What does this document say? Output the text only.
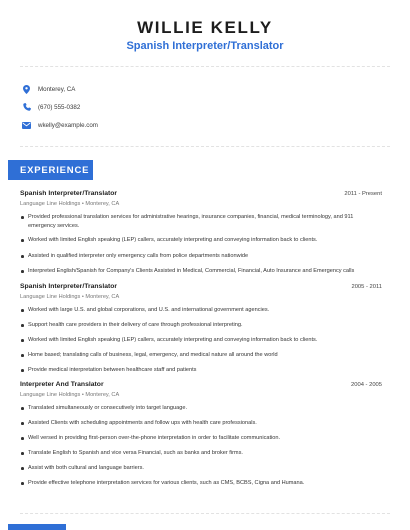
WILLIE KELLY
Spanish Interpreter/Translator
Monterey, CA
(670) 555-0382
wkelly@example.com
EXPERIENCE
Spanish Interpreter/Translator	2011 - Present
Language Line Holdings • Monterey, CA
Provided professional translation services for administrative hearings, insurance companies, financial, medical terminology, and 911 emergency services.
Worked with limited English speaking (LEP) callers, accurately interpreting and conveying information back to clients.
Assisted in qualified interpreter only emergency calls from police departments nationwide
Interpreted English/Spanish for Company's Clients Assisted in Medical, Commercial, Financial, Auto Insurance and Emergency calls
Spanish Interpreter/Translator	2005 - 2011
Language Line Holdings • Monterey, CA
Worked with large U.S. and global corporations, and U.S. and international government agencies.
Support health care providers in their delivery of care through professional interpreting.
Worked with limited English speaking (LEP) callers, accurately interpreting and conveying information back to clients.
Home based; translating calls of business, legal, emergency, and medical nature all around the world
Provide medical interpretation between healthcare staff and patients
Interpreter And Translator	2004 - 2005
Language Line Holdings • Monterey, CA
Translated simultaneously or consecutively into target language.
Assisted Clients with scheduling appointments and follow ups with health care professionals.
Well versed in providing first-person over-the-phone interpretation in order to facilitate communication.
Translate English to Spanish and vice versa Financial, such as banks and broker firms.
Assist with both cultural and language barriers.
Provide effective telephone interpretation services for various clients, such as CMS, BCBS, Cigna and Humana.
